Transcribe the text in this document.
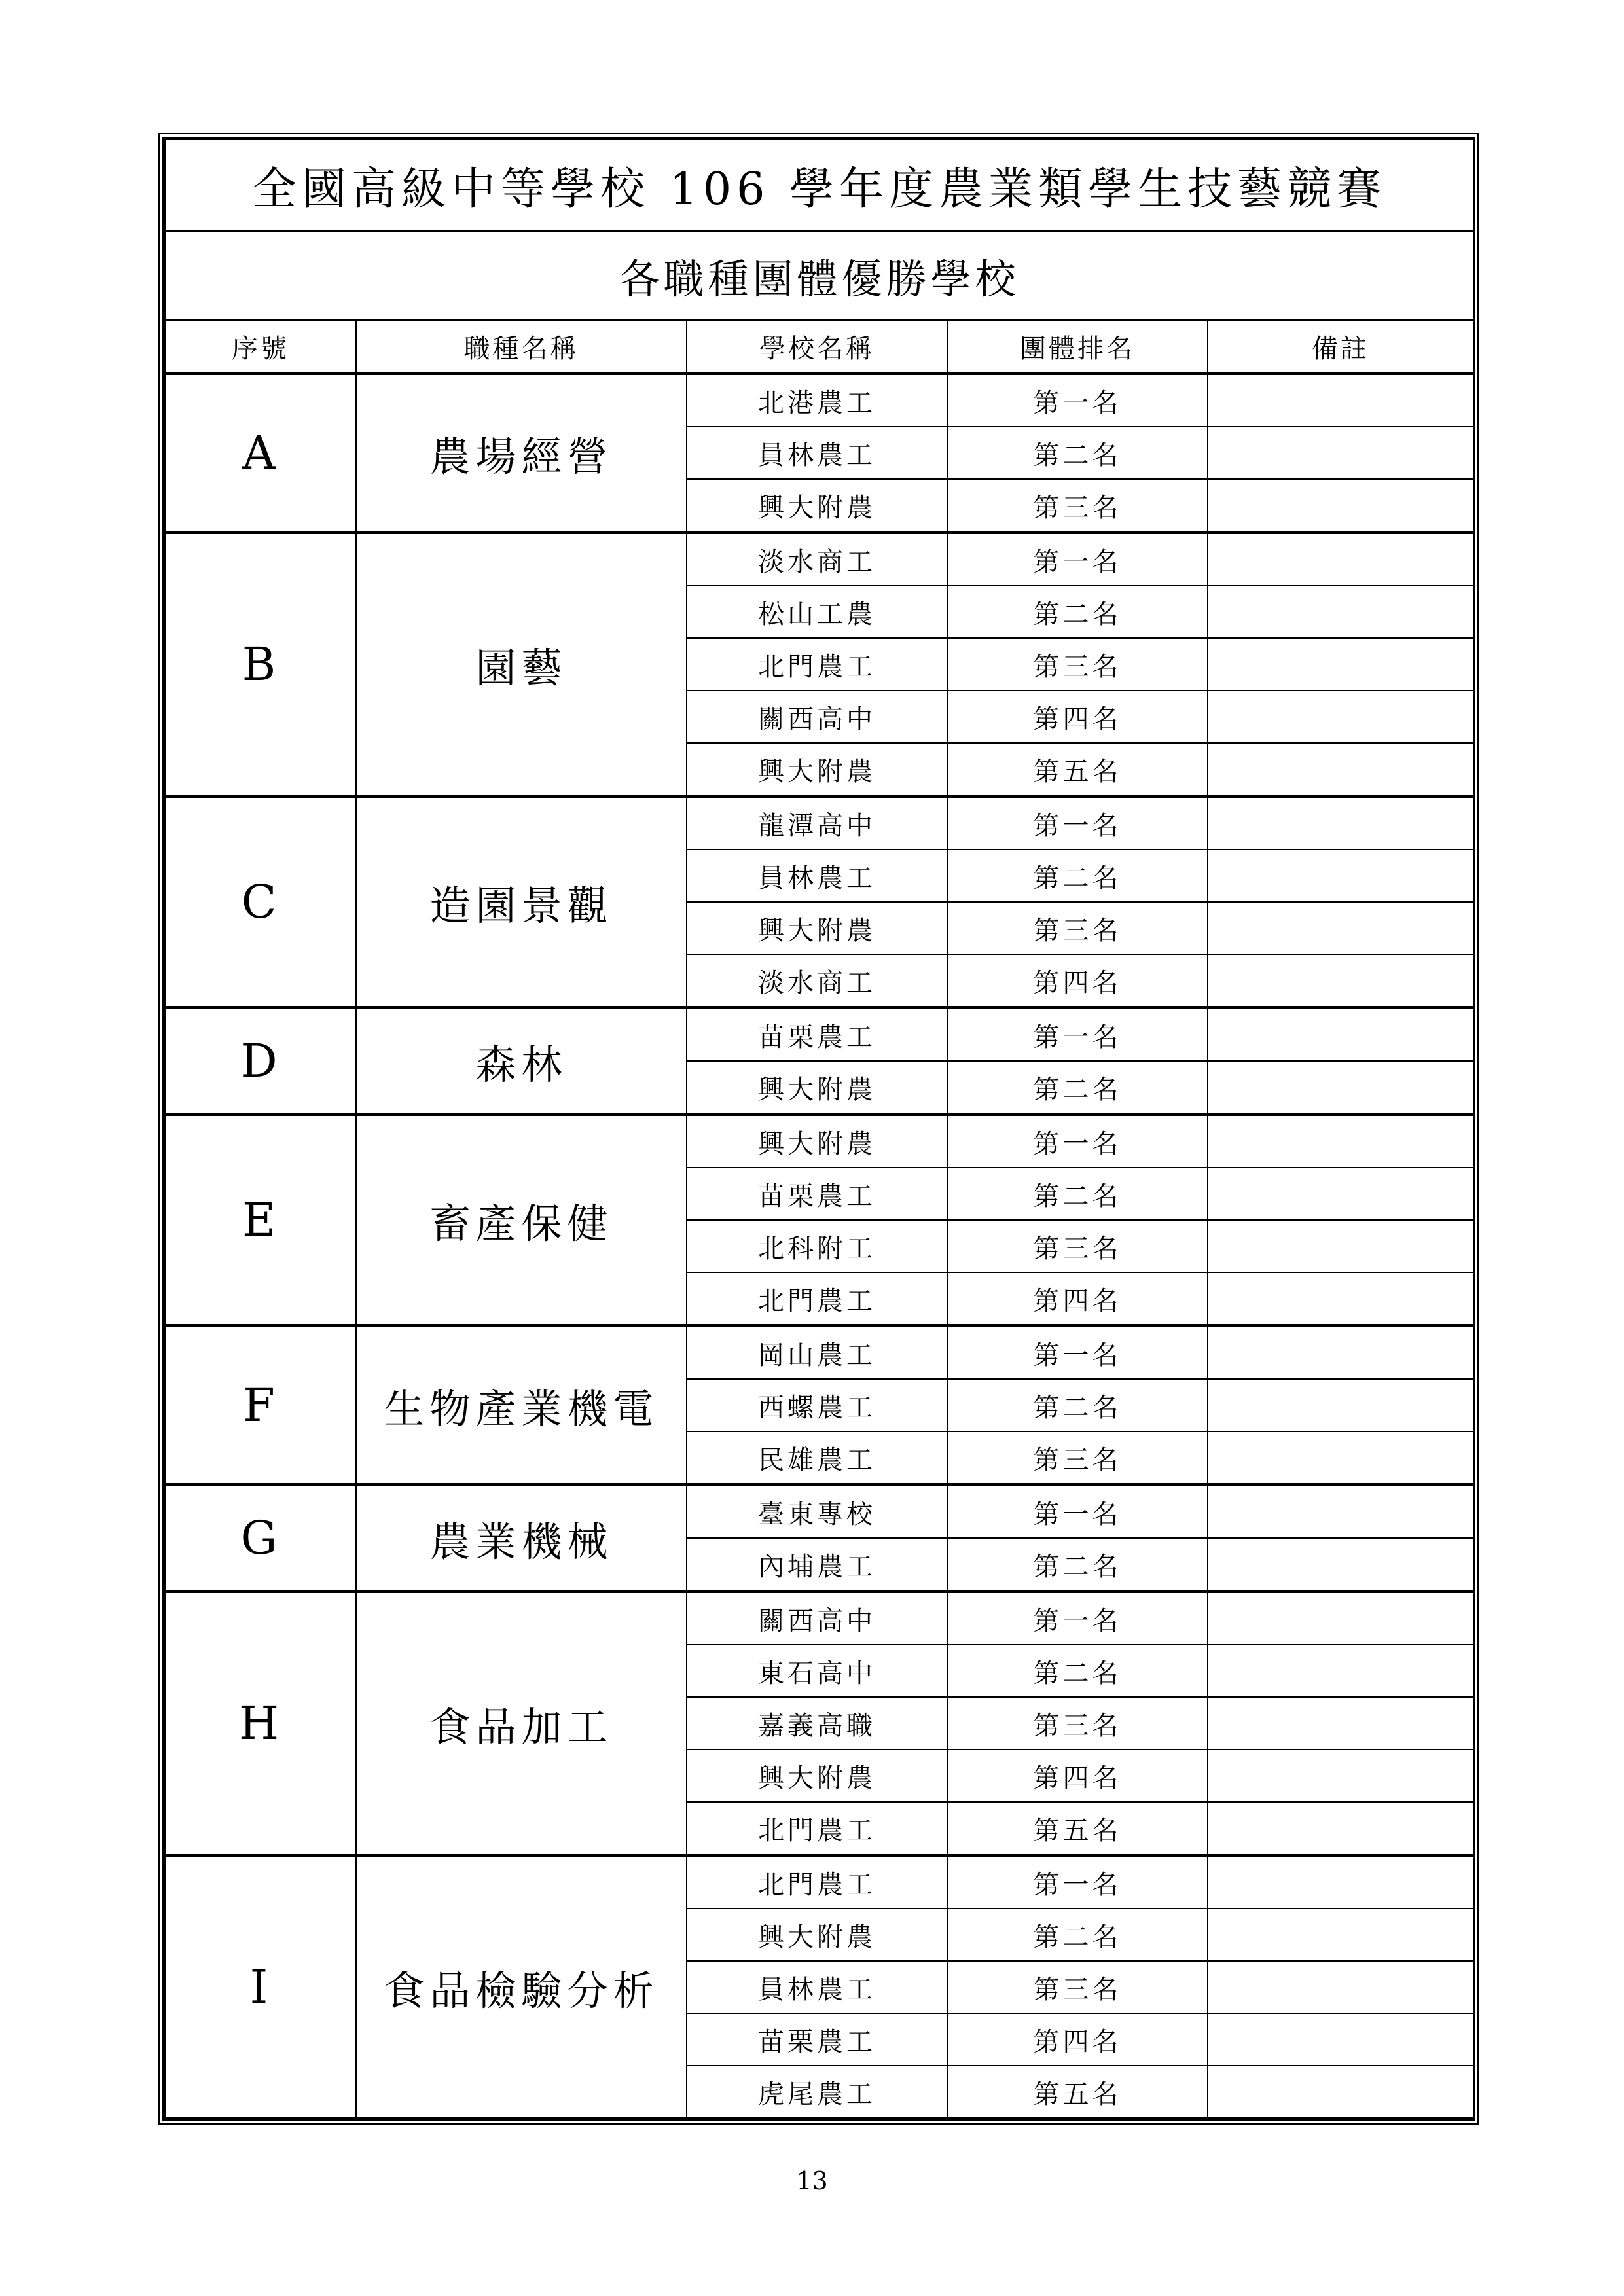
全國高級中等學校 106 學年度農業類學生技藝競賽				
各職種團體優勝學校				
序號	職種名稱	學校名稱	團體排名	備註
A	農場經營	北港農工	第一名	
		員林農工	第二名	
		興大附農	第三名	
B	園藝	淡水商工	第一名	
		松山工農	第二名	
		北門農工	第三名	
		關西高中	第四名	
		興大附農	第五名	
C	造園景觀	龍潭高中	第一名	
		員林農工	第二名	
		興大附農	第三名	
		淡水商工	第四名	
D	森林	苗栗農工	第一名	
		興大附農	第二名	
E	畜產保健	興大附農	第一名	
		苗栗農工	第二名	
		北科附工	第三名	
		北門農工	第四名	
F	生物產業機電	岡山農工	第一名	
		西螺農工	第二名	
		民雄農工	第三名	
G	農業機械	臺東專校	第一名	
		內埔農工	第二名	
H	食品加工	關西高中	第一名	
		東石高中	第二名	
		嘉義高職	第三名	
		興大附農	第四名	
		北門農工	第五名	
I	食品檢驗分析	北門農工	第一名	
		興大附農	第二名	
		員林農工	第三名	
		苗栗農工	第四名	
		虎尾農工	第五名	
13
